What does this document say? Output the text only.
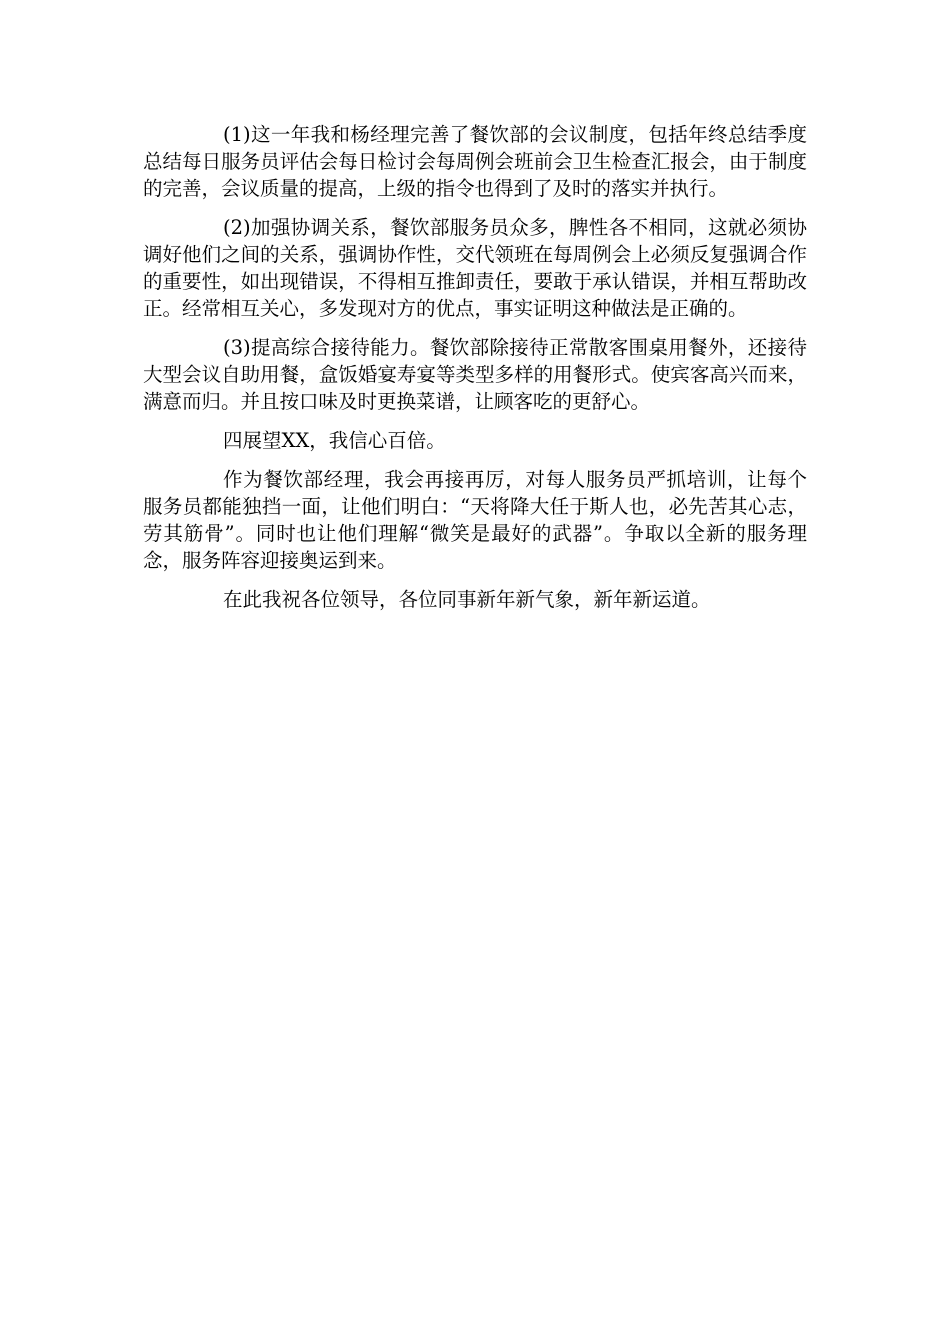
(1)这一年我和杨经理完善了餐饮部的会议制度，包括年终总结季度总结每日服务员评估会每日检讨会每周例会班前会卫生检查汇报会，由于制度的完善，会议质量的提高，上级的指令也得到了及时的落实并执行。

(2)加强协调关系，餐饮部服务员众多，脾性各不相同，这就必须协调好他们之间的关系，强调协作性，交代领班在每周例会上必须反复强调合作的重要性，如出现错误，不得相互推卸责任，要敢于承认错误，并相互帮助改正。经常相互关心，多发现对方的优点，事实证明这种做法是正确的。

(3)提高综合接待能力。餐饮部除接待正常散客围桌用餐外，还接待大型会议自助用餐，盒饭婚宴寿宴等类型多样的用餐形式。使宾客高兴而来，满意而归。并且按口味及时更换菜谱，让顾客吃的更舒心。

四展望XX，我信心百倍。

作为餐饮部经理，我会再接再厉，对每人服务员严抓培训，让每个服务员都能独挡一面，让他们明白：“天将降大任于斯人也，必先苦其心志，劳其筋骨”。同时也让他们理解“微笑是最好的武器”。争取以全新的服务理念，服务阵容迎接奥运到来。

在此我祝各位领导，各位同事新年新气象，新年新运道。
